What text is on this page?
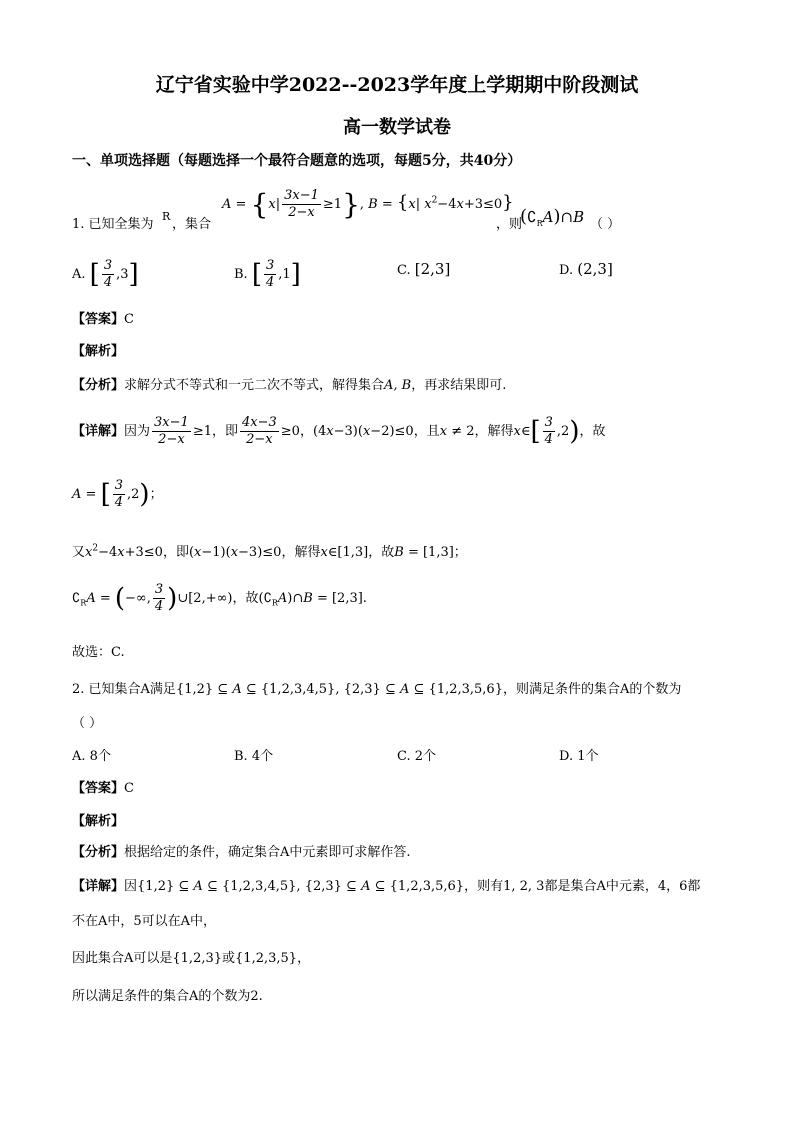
辽宁省实验中学2022--2023学年度上学期期中阶段测试
高一数学试卷
一、单项选择题（每题选择一个最符合题意的选项，每题5分，共40分）
1. 已知全集为
R
，集合
$A = \{x| \frac{3x-1}{2-x} \ge 1\}$, B = {x| $x^2-4x+3\le 0$}
，则
$(∁_RA)\cap B$ （ ）
A. [ $\frac{3}{4} ,3$]	B. [ $\frac{3}{4} ,1$]	C. [2,3]	D. (2,3]
【答案】C
【解析】
【分析】求解分式不等式和一元二次不等式，解得集合A, B，再求结果即可.
【详解】因为 $\frac{3x-1}{2-x} \ge 1$，即 $\frac{4x-3}{2-x} \ge 0$，(4x−3)(x−2)≤0，且x ≠ 2，解得x∈[ $\frac{3}{4} ,2$)，故
A = [ $\frac{3}{4} ,2$)；
又$x^2-4x+3\le 0$，即(x−1)(x−3)≤0，解得x∈[1,3]，故B = [1,3]；
$∁_RA$ = (−∞, $\frac{3}{4}$ )∪[2,+∞)，故$(∁_RA)\cap B = [2,3]$.
故选：C.
2. 已知集合A满足{1,2} ⊆ A ⊆ {1,2,3,4,5}, {2,3} ⊆ A ⊆ {1,2,3,5,6}，则满足条件的集合A的个数为
（ ）
A. 8个	B. 4个	C. 2个	D. 1个
【答案】C
【解析】
【分析】根据给定的条件，确定集合A中元素即可求解作答.
【详解】因{1,2} ⊆ A ⊆ {1,2,3,4,5}, {2,3} ⊆ A ⊆ {1,2,3,5,6}，则有1, 2, 3都是集合A中元素，4，6都
不在A中，5可以在A中，
因此集合A可以是{1,2,3}或{1,2,3,5}，
所以满足条件的集合A的个数为2.
